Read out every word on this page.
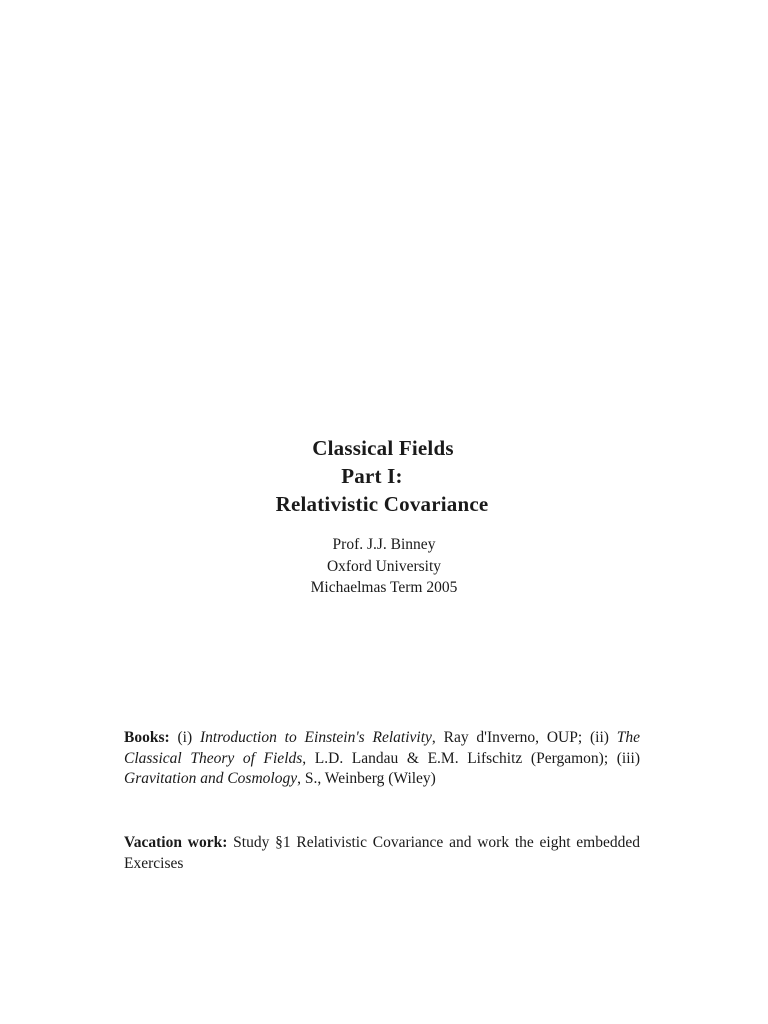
Classical Fields
Part I:
Relativistic Covariance
Prof. J.J. Binney
Oxford University
Michaelmas Term 2005
Books: (i) Introduction to Einstein's Relativity, Ray d'Inverno, OUP; (ii) The Classical Theory of Fields, L.D. Landau & E.M. Lifschitz (Pergamon); (iii) Gravitation and Cosmology, S., Weinberg (Wiley)
Vacation work: Study §1 Relativistic Covariance and work the eight embedded Exercises
